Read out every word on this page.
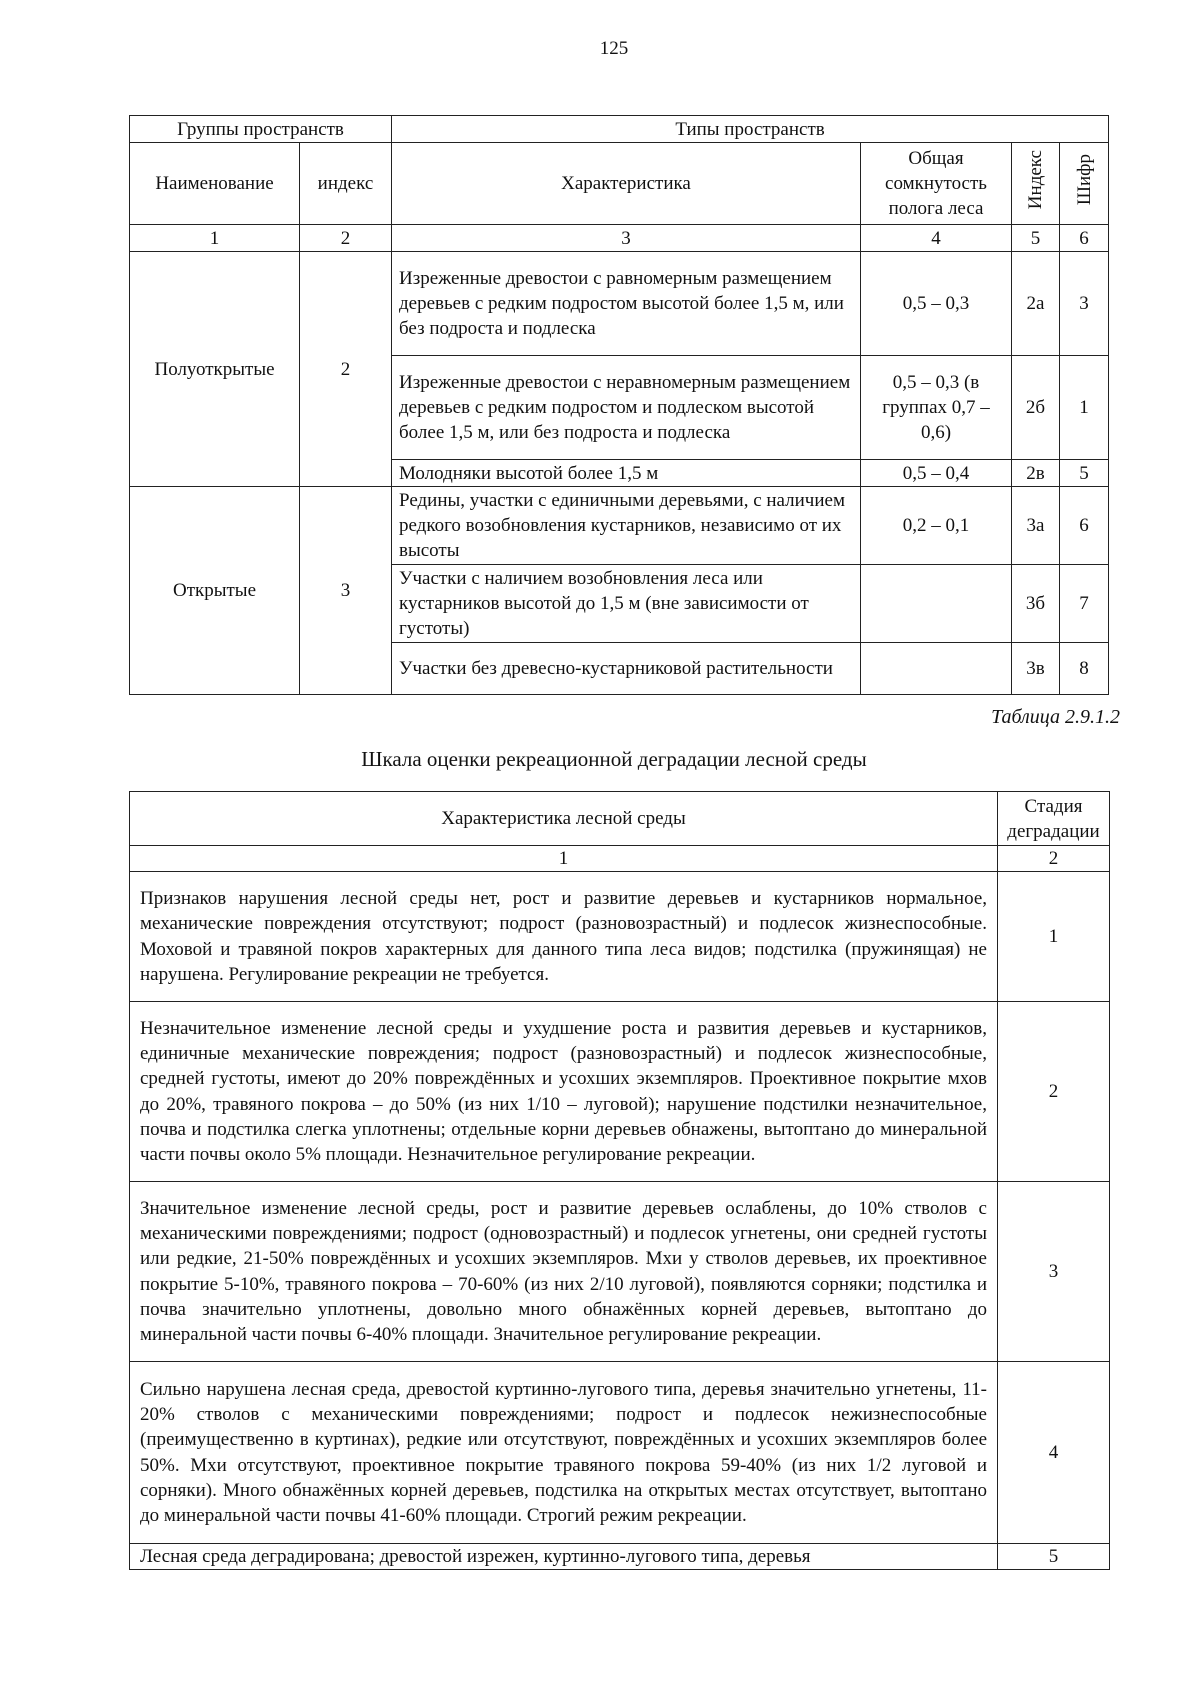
125
Группы пространств		Типы пространств			
Наименование	индекс	Характеристика	Общая сомкнутость полога леса	Индекс	Шифр
1	2	3	4	5	6
Полуоткрытые	2	Изреженные древостои с равномерным размещением деревьев с редким подростом высотой более 1,5 м, или без подроста и подлеска	0,5 – 0,3	2а	3
		Изреженные древостои с неравномерным размещением деревьев с редким подростом и подлеском высотой более 1,5 м, или без подроста и подлеска	0,5 – 0,3 (в группах 0,7 – 0,6)	2б	1
		Молодняки высотой более 1,5 м	0,5 – 0,4	2в	5
Открытые	3	Редины, участки с единичными деревьями, с наличием редкого возобновления кустарников, независимо от их высоты	0,2 – 0,1	3а	6
		Участки с наличием возобновления леса или кустарников высотой до 1,5 м (вне зависимости от густоты)		3б	7
		Участки без древесно-кустарниковой растительности		3в	8
Таблица 2.9.1.2
Шкала оценки рекреационной деградации лесной среды
Характеристика лесной среды	Стадия деградации
1	2
Признаков нарушения лесной среды нет, рост и развитие деревьев и кустарников нормальное, механические повреждения отсутствуют; подрост (разновозрастный) и подлесок жизнеспособные. Моховой и травяной покров характерных для данного типа леса видов; подстилка (пружинящая) не нарушена. Регулирование рекреации не требуется.	1
Незначительное изменение лесной среды и ухудшение роста и развития деревьев и кустарников, единичные механические повреждения; подрост (разновозрастный) и подлесок жизнеспособные, средней густоты, имеют до 20% повреждённых и усохших экземпляров. Проективное покрытие мхов до 20%, травяного покрова – до 50% (из них 1/10 – луговой); нарушение подстилки незначительное, почва и подстилка слегка уплотнены; отдельные корни деревьев обнажены, вытоптано до минеральной части почвы около 5% площади. Незначительное регулирование рекреации.	2
Значительное изменение лесной среды, рост и развитие деревьев ослаблены, до 10% стволов с механическими повреждениями; подрост (одновозрастный) и подлесок угнетены, они средней густоты или редкие, 21-50% повреждённых и усохших экземпляров. Мхи у стволов деревьев, их проективное покрытие 5-10%, травяного покрова – 70-60% (из них 2/10 луговой), появляются сорняки; подстилка и почва значительно уплотнены, довольно много обнажённых корней деревьев, вытоптано до минеральной части почвы 6-40% площади. Значительное регулирование рекреации.	3
Сильно нарушена лесная среда, древостой куртинно-лугового типа, деревья значительно угнетены, 11-20% стволов с механическими повреждениями; подрост и подлесок нежизнеспособные (преимущественно в куртинах), редкие или отсутствуют, повреждённых и усохших экземпляров более 50%. Мхи отсутствуют, проективное покрытие травяного покрова 59-40% (из них 1/2 луговой и сорняки). Много обнажённых корней деревьев, подстилка на открытых местах отсутствует, вытоптано до минеральной части почвы 41-60% площади. Строгий режим рекреации.	4
Лесная среда деградирована; древостой изрежен, куртинно-лугового типа, деревья	5
